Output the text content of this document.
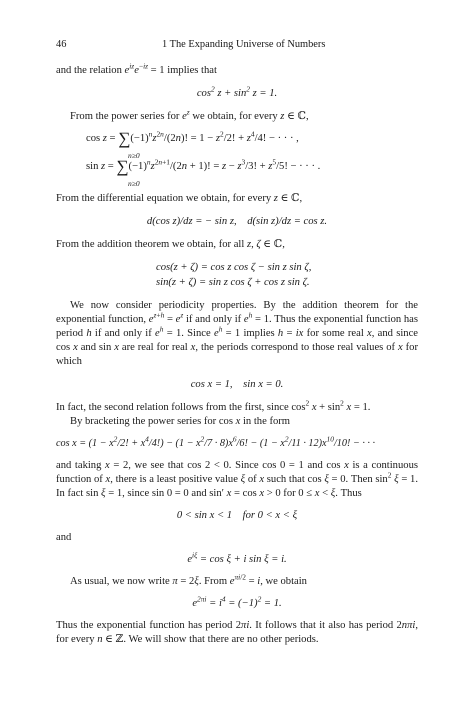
46	1 The Expanding Universe of Numbers

and the relation $e^{iz}e^{-iz} = 1$ implies that

$\cos^2 z + \sin^2 z = 1$.

From the power series for $e^z$ we obtain, for every z ∈ ℂ,

$\cos z = \sum(-1)^nz^{2n}/(2n)$! = $1 - z^2/2$! + $z^4/4$! − · · · ,
n≥0
$\sin z = \sum(-1)^nz^{2n+1}/(2n + 1)$! = $z - z^3/3$! + $z^5/5$! − · · · .
n≥0

From the differential equation we obtain, for every z ∈ ℂ,

d(cos z)/dz = − sin z,    d(sin z)/dz = cos z.

From the addition theorem we obtain, for all z, ζ ∈ ℂ,

cos(z + ζ) = cos z cos ζ − sin z sin ζ,
sin(z + ζ) = sin z cos ζ + cos z sin ζ.

We now consider periodicity properties. By the addition theorem for the exponential function, $e^{z+h} = e^z$ if and only if $e^h = 1$. Thus the exponential function has period h if and only if $e^h = 1$. Since $e^h = 1$ implies h = ix for some real x, and since cos x and sin x are real for real x, the periods correspond to those real values of x for which

cos x = 1,    sin x = 0.

In fact, the second relation follows from the first, since $\cos^2 x + \sin^2 x = 1$.

By bracketing the power series for cos x in the form

$\cos x = (1 - x^2/2$! + $x^4/4!) - (1 - x^2/7 \cdot 8)x^6/6$! − $(1 - x^2/11 \cdot 12)x^{10}/10$! − · · ·

and taking x = 2, we see that cos 2 < 0. Since cos 0 = 1 and cos x is a continuous function of x, there is a least positive value ξ of x such that cos ξ = 0. Then $\sin^2 \xi = 1$. In fact sin ξ = 1, since sin 0 = 0 and sin′ x = cos x > 0 for 0 ≤ x < ξ. Thus

0 < sin x < 1    for 0 < x < ξ

and

$e^{i\xi} = \cos \xi + i$ sin ξ = i.

As usual, we now write π = 2ξ. From $e^{\pi i/2} = i$, we obtain

$e^{2\pi i} = i^4 = (-1)^2 = 1$.

Thus the exponential function has period 2πi. It follows that it also has period 2nπi, for every n ∈ ℤ. We will show that there are no other periods.
